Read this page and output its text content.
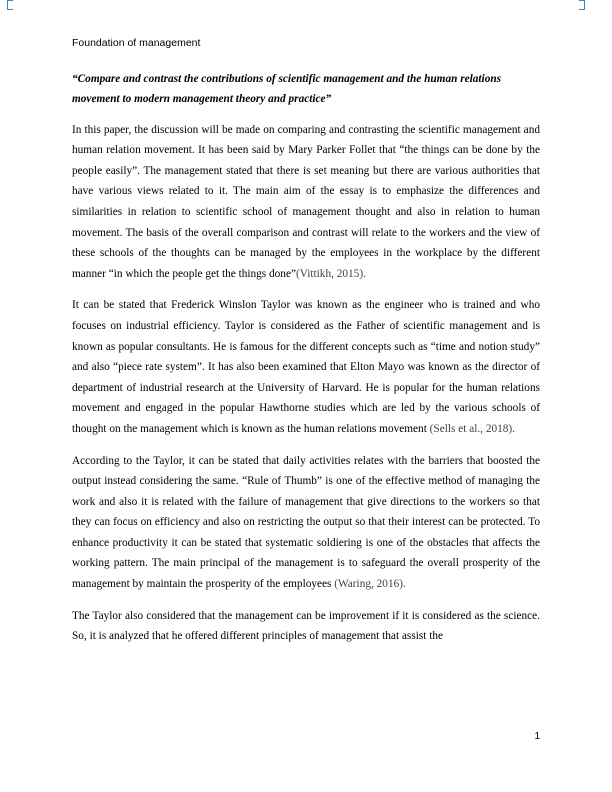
Foundation of management

“Compare and contrast the contributions of scientific management and the human relations movement to modern management theory and practice”

In this paper, the discussion will be made on comparing and contrasting the scientific management and human relation movement. It has been said by Mary Parker Follet that “the things can be done by the people easily”. The management stated that there is set meaning but there are various authorities that have various views related to it. The main aim of the essay is to emphasize the differences and similarities in relation to scientific school of management thought and also in relation to human movement. The basis of the overall comparison and contrast will relate to the workers and the view of these schools of the thoughts can be managed by the employees in the workplace by the different manner “in which the people get the things done”(Vittikh, 2015).

It can be stated that Frederick Winslon Taylor was known as the engineer who is trained and who focuses on industrial efficiency. Taylor is considered as the Father of scientific management and is known as popular consultants. He is famous for the different concepts such as “time and notion study” and also “piece rate system”. It has also been examined that Elton Mayo was known as the director of department of industrial research at the University of Harvard. He is popular for the human relations movement and engaged in the popular Hawthorne studies which are led by the various schools of thought on the management which is known as the human relations movement (Sells et al., 2018).

According to the Taylor, it can be stated that daily activities relates with the barriers that boosted the output instead considering the same. “Rule of Thumb” is one of the effective method of managing the work and also it is related with the failure of management that give directions to the workers so that they can focus on efficiency and also on restricting the output so that their interest can be protected. To enhance productivity it can be stated that systematic soldiering is one of the obstacles that affects the working pattern. The main principal of the management is to safeguard the overall prosperity of the management by maintain the prosperity of the employees (Waring, 2016).

The Taylor also considered that the management can be improvement if it is considered as the science. So, it is analyzed that he offered different principles of management that assist the

1
